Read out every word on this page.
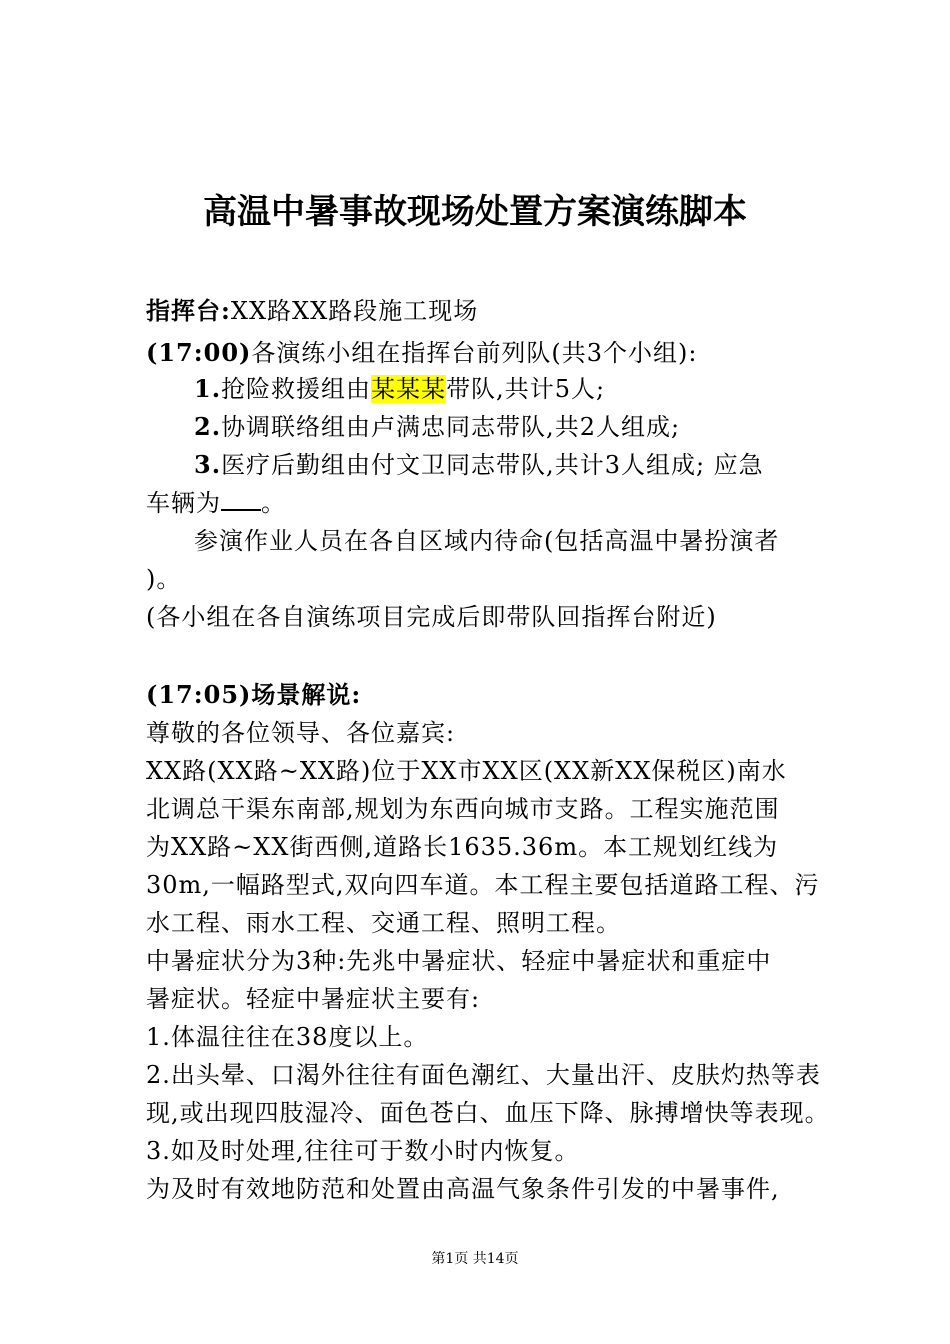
高温中暑事故现场处置方案演练脚本
指挥台:XX路XX路段施工现场
(17:00)各演练小组在指挥台前列队(共3个小组):
1.抢险救援组由某某某带队,共计5人;
2.协调联络组由卢满忠同志带队,共2人组成;
3.医疗后勤组由付文卫同志带队,共计3人组成; 应急
车辆为 。
参演作业人员在各自区域内待命(包括高温中暑扮演者
)。
(各小组在各自演练项目完成后即带队回指挥台附近)
(17:05)场景解说:
尊敬的各位领导、各位嘉宾:
XX路(XX路~XX路)位于XX市XX区(XX新XX保税区)南水
北调总干渠东南部,规划为东西向城市支路。工程实施范围
为XX路~XX街西侧,道路长1635.36m。本工规划红线为
30m,一幅路型式,双向四车道。本工程主要包括道路工程、污
水工程、雨水工程、交通工程、照明工程。
中暑症状分为3种:先兆中暑症状、轻症中暑症状和重症中
暑症状。轻症中暑症状主要有:
1.体温往往在38度以上。
2.出头晕、口渴外往往有面色潮红、大量出汗、皮肤灼热等表
现,或出现四肢湿冷、面色苍白、血压下降、脉搏增快等表现。
3.如及时处理,往往可于数小时内恢复。
为及时有效地防范和处置由高温气象条件引发的中暑事件,
第1页 共14页
